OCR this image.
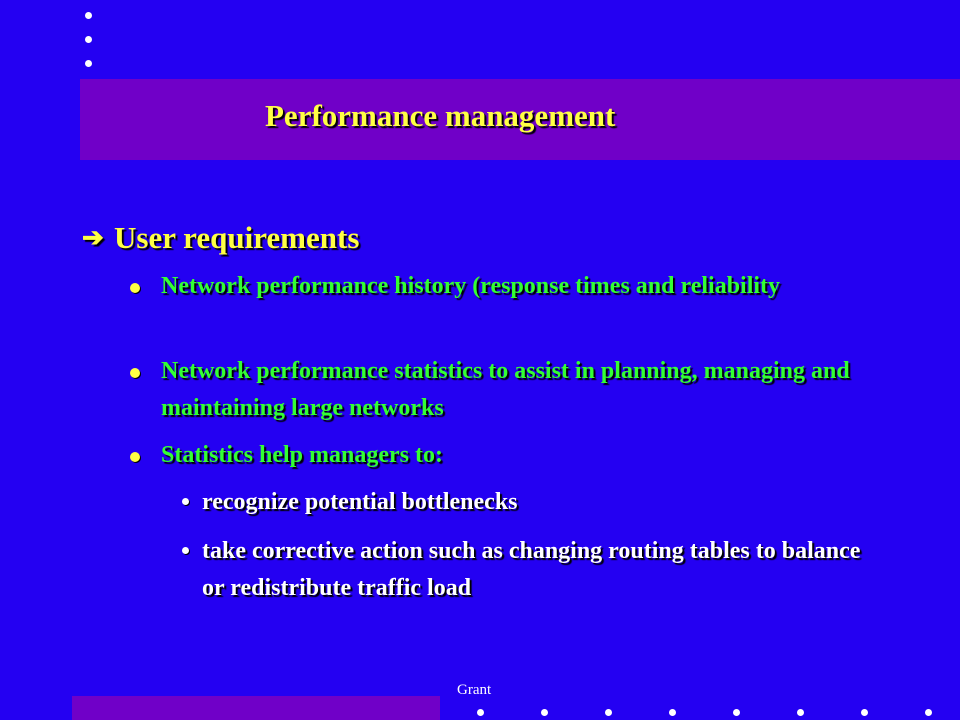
Performance management
➔ User requirements
Network performance history (response times and reliability
Network performance statistics to assist in planning, managing and maintaining large networks
Statistics help managers to:
recognize potential bottlenecks
take corrective action such as changing routing tables to balance or redistribute traffic load
Grant
